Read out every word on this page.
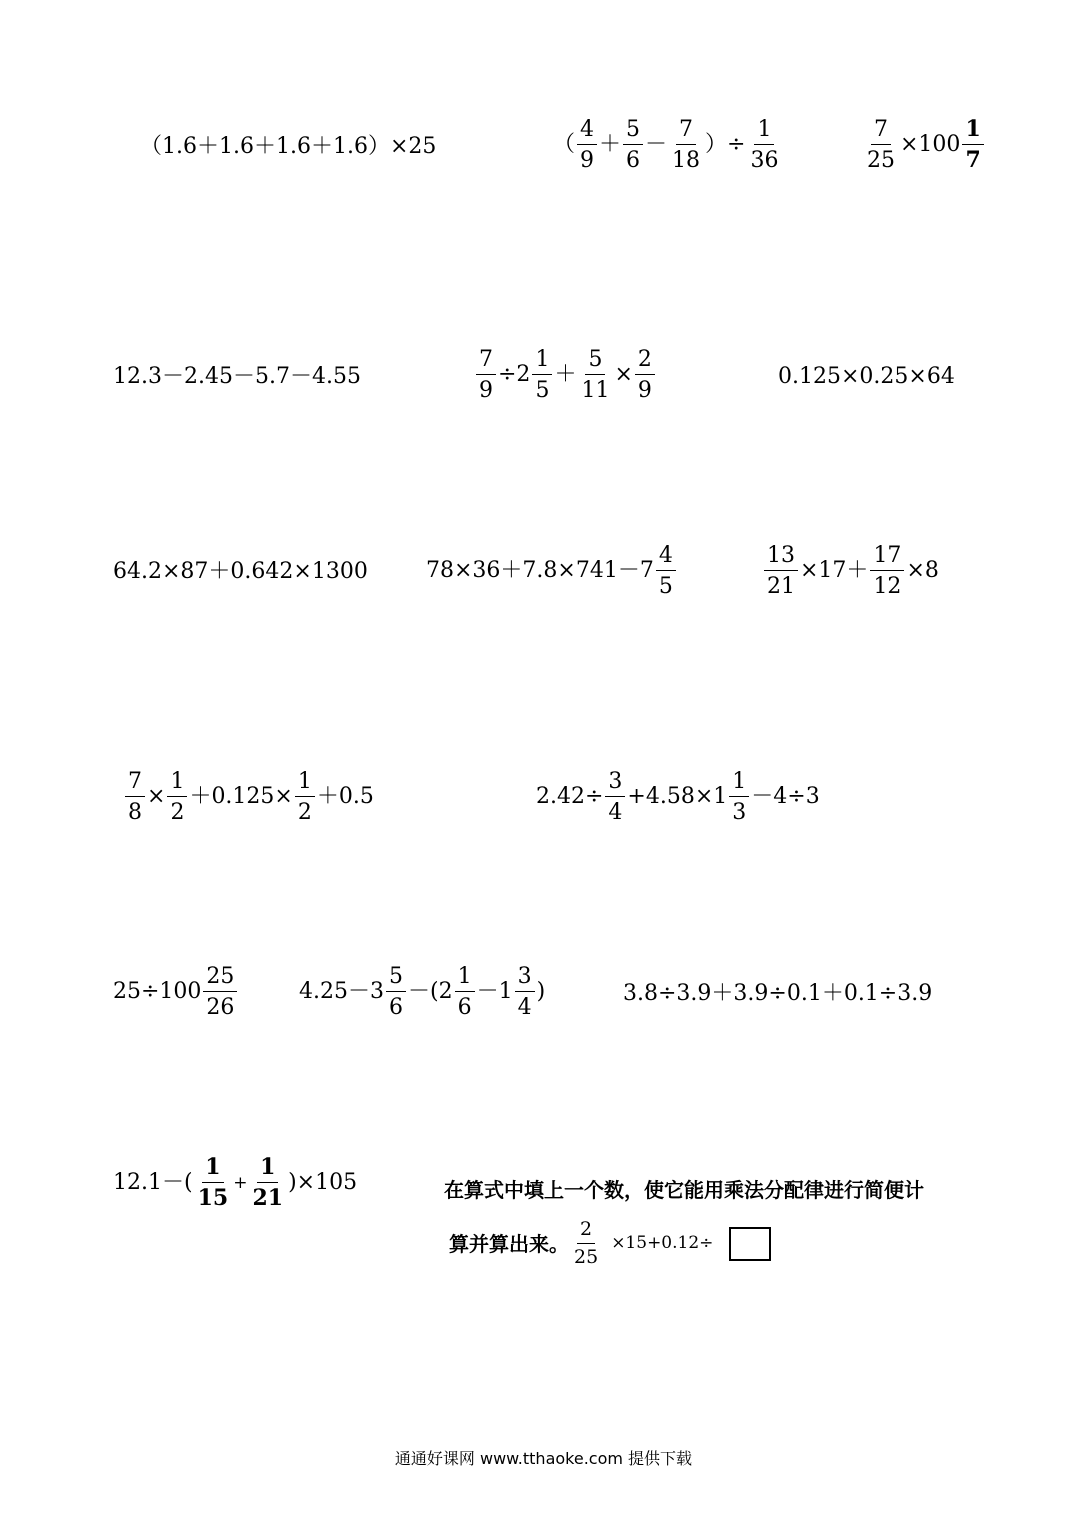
（1.6＋1.6＋1.6＋1.6）×25	（ $\frac{4}{9} + \frac{5}{6} - \frac{7}{18}$ ）÷ $\frac{1}{36}$	$\frac{7}{25} \times 100 \frac{1}{7}$
12.3－2.45－5.7－4.55	$\frac{7}{9} \div 2 \frac{1}{5} + \frac{5}{11} \times \frac{2}{9}$	0.125×0.25×64
64.2×87＋0.642×1300	$78\times 36+7.8\times 741-7 \frac{4}{5}$	$\frac{13}{21} \times 17+ \frac{17}{12} \times 8$
$\frac{7}{8} \times \frac{1}{2} +0.125\times \frac{1}{2} +0.5$	$2.42\div \frac{3}{4} +4.58\times 1 \frac{1}{3} -4\div 3$
$25\div 100 \frac{25}{26}$	$4.25-3 \frac{5}{6} -(2 \frac{1}{6} -1 \frac{3}{4}$ )	3.8÷3.9＋3.9÷0.1＋0.1÷3.9
$12.1-( \frac{1}{15} + \frac{1}{21} )\times 105$	在算式中填上一个数，使它能用乘法分配律进行简便计
算并算出来。 $\frac{2}{25} \times 15+0.12\div$
通通好课网 www.tthaoke.com 提供下载
